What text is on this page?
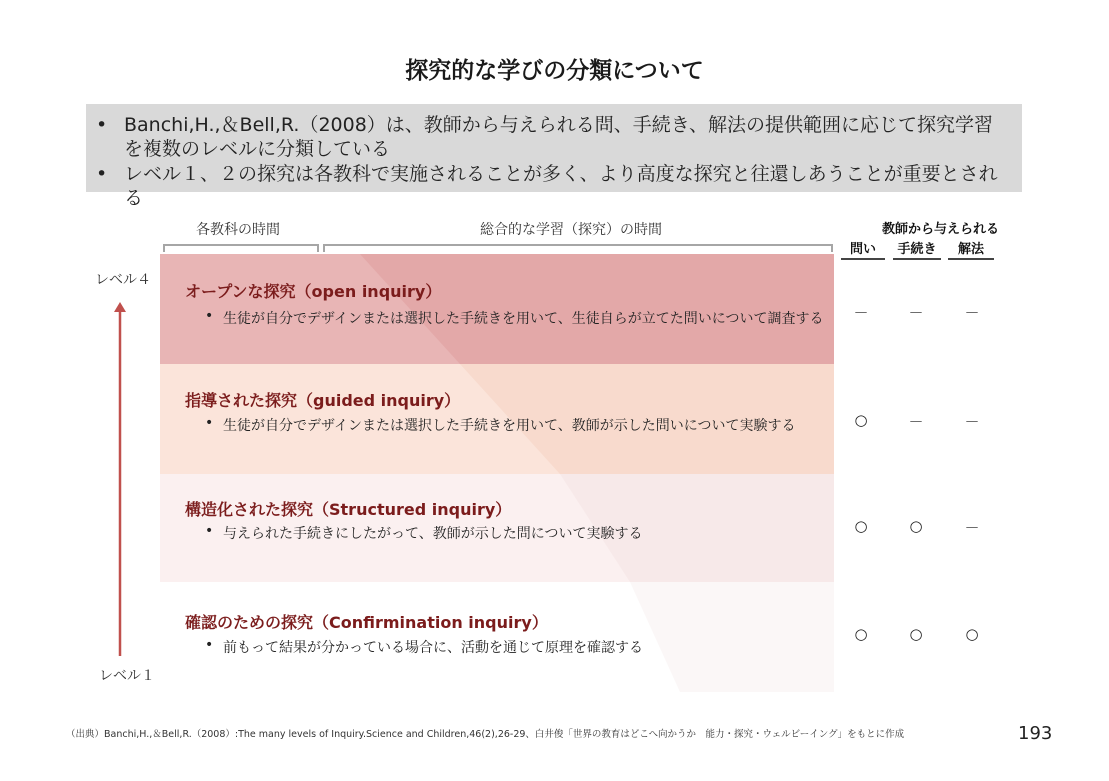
探究的な学びの分類について
• Banchi,H.,＆Bell,R.（2008）は、教師から与えられる問、手続き、解法の提供範囲に応じて探究学習を複数のレベルに分類している
• レベル１、２の探究は各教科で実施されることが多く、より高度な探究と往還しあうことが重要とされる
各教科の時間	総合的な学習（探究）の時間	教師から与えられる
問い	手続き	解法
レベル４
レベル１
オープンな探究（open inquiry）
• 生徒が自分でデザインまたは選択した手続きを用いて、生徒自らが立てた問いについて調査する
指導された探究（guided inquiry）
• 生徒が自分でデザインまたは選択した手続きを用いて、教師が示した問いについて実験する
構造化された探究（Structured inquiry）
• 与えられた手続きにしたがって、教師が示した問について実験する
確認のための探究（Confirmination inquiry）
• 前もって結果が分かっている場合に、活動を通じて原理を確認する
－	－	－
○	－	－
○	○	－
○	○	○
（出典）Banchi,H.,＆Bell,R.（2008）:The many levels of Inquiry.Science and Children,46(2),26-29、白井俊「世界の教育はどこへ向かうか　能力・探究・ウェルビーイング」をもとに作成	193
